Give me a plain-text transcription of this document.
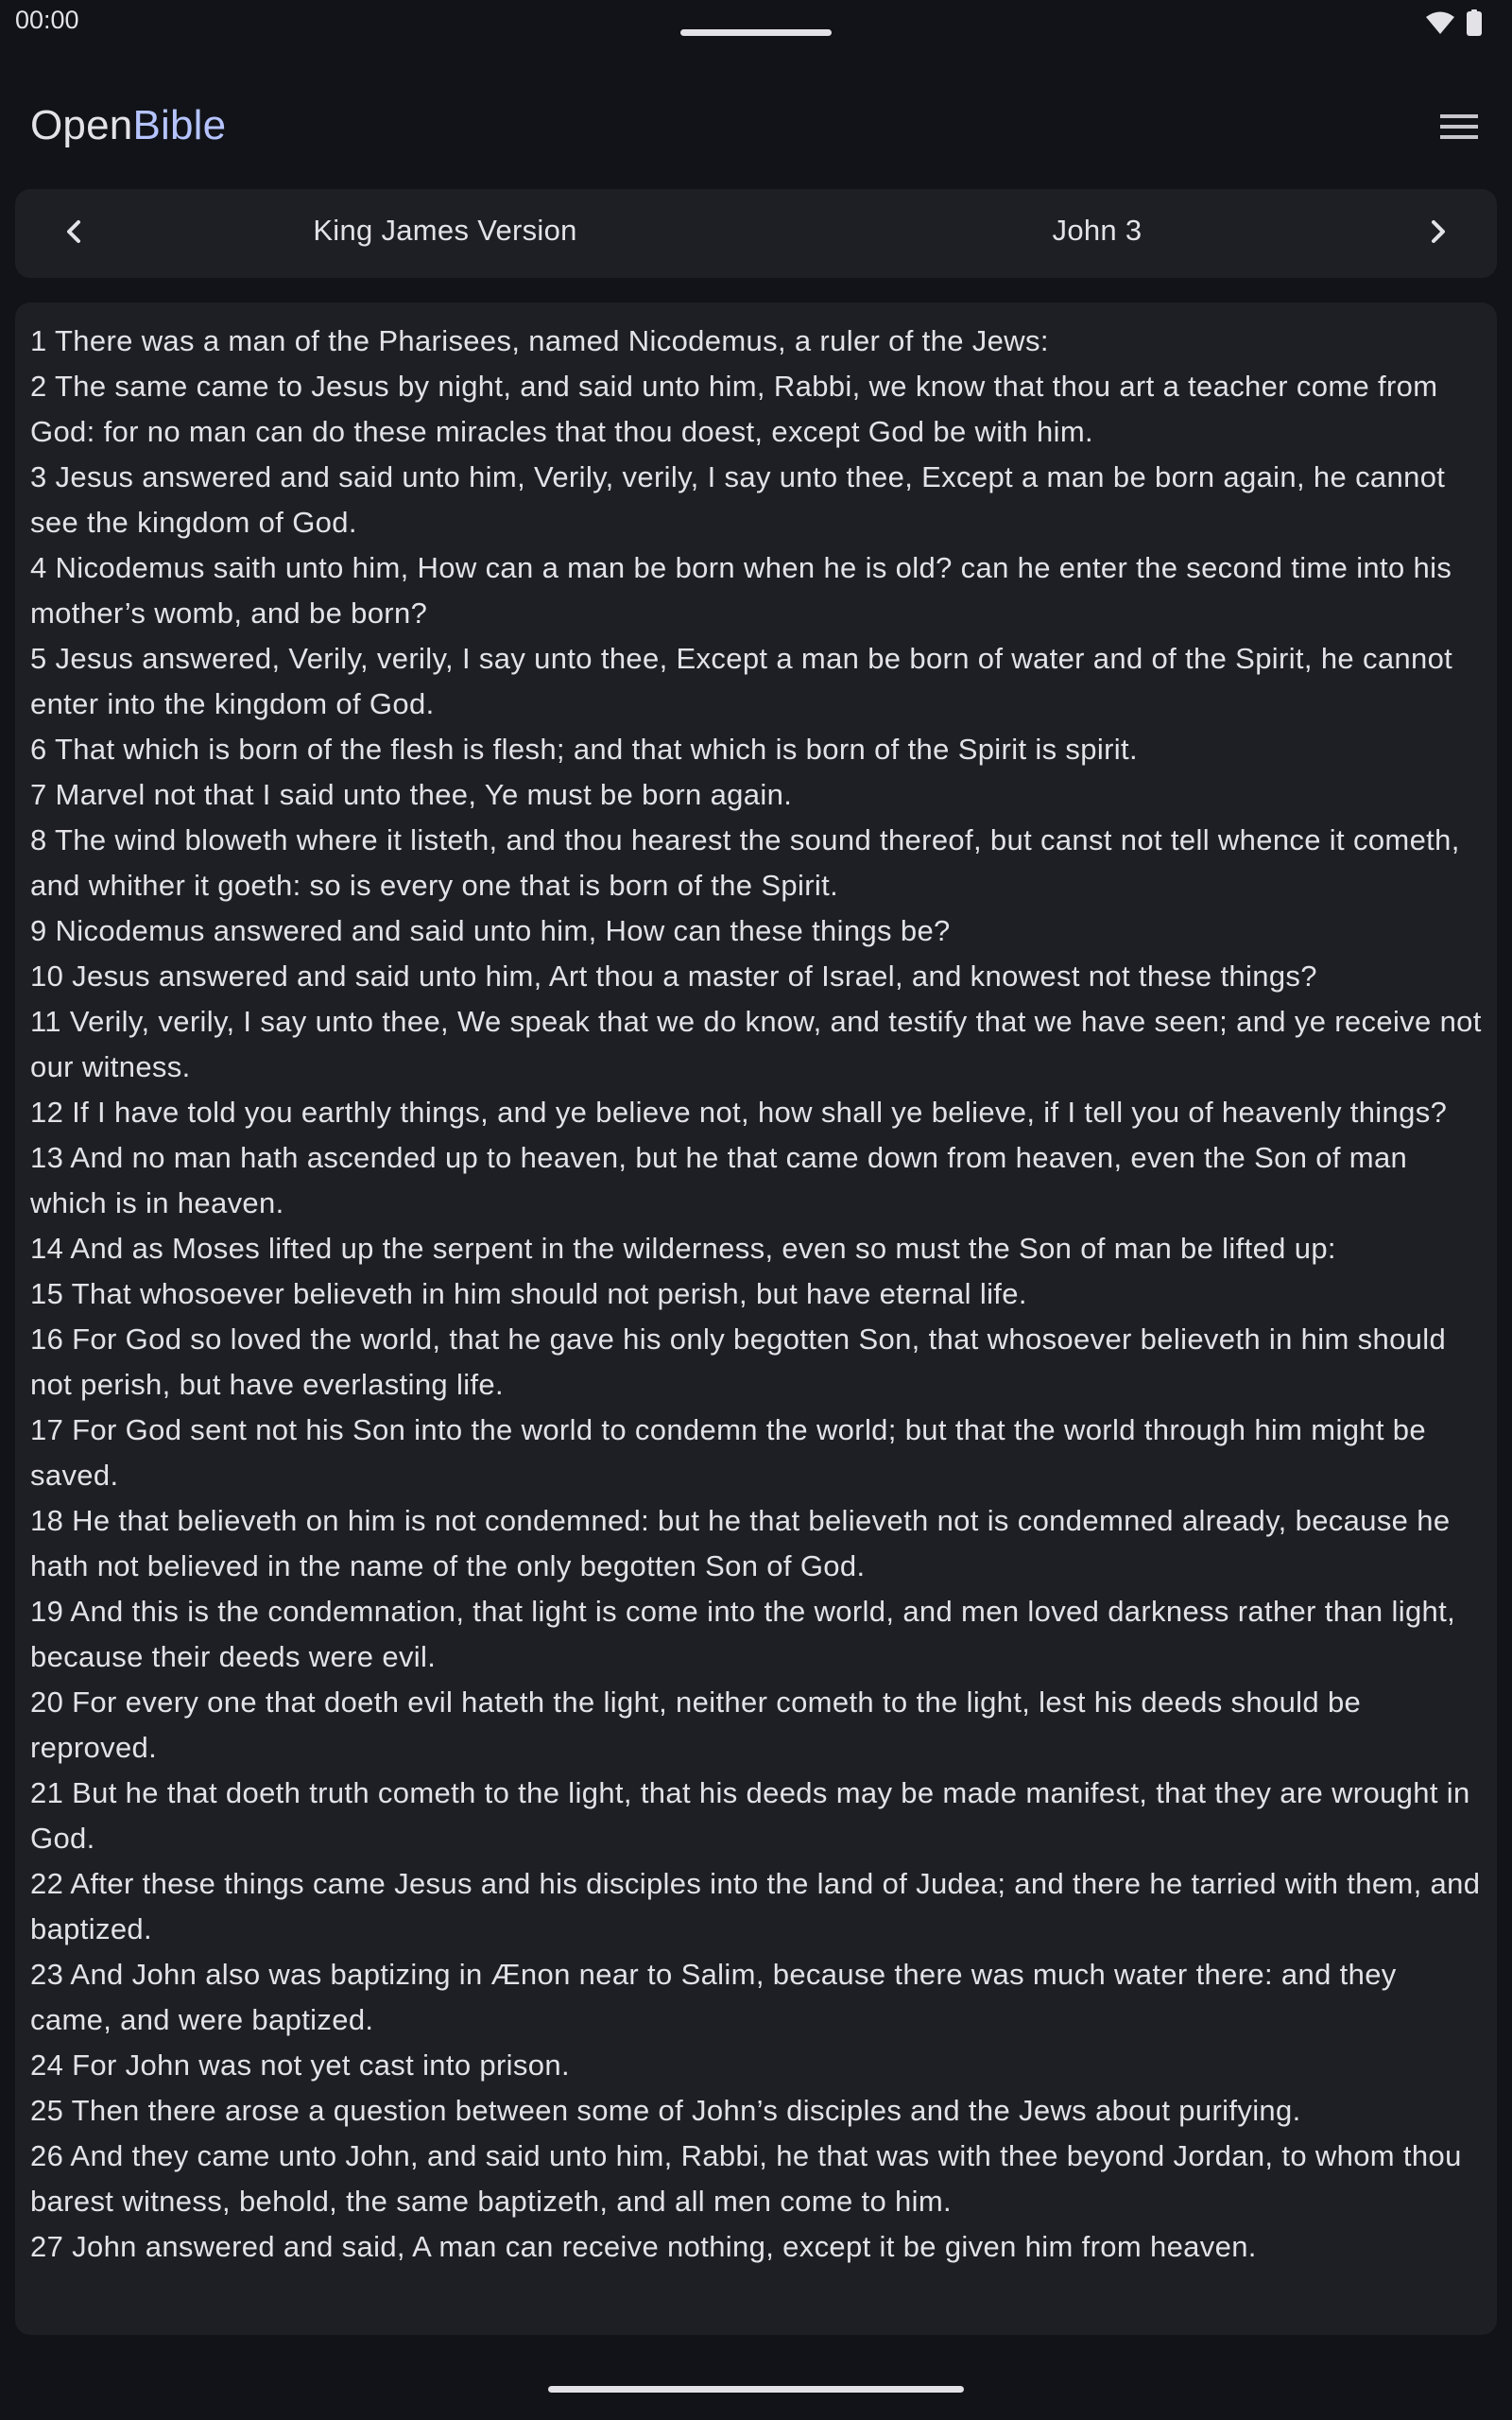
00:00
OpenBible
King James Version	John 3

1 There was a man of the Pharisees, named Nicodemus, a ruler of the Jews:

2 The same came to Jesus by night, and said unto him, Rabbi, we know that thou art a teacher come from God: for no man can do these miracles that thou doest, except God be with him.

3 Jesus answered and said unto him, Verily, verily, I say unto thee, Except a man be born again, he cannot see the kingdom of God.

4 Nicodemus saith unto him, How can a man be born when he is old? can he enter the second time into his mother’s womb, and be born?

5 Jesus answered, Verily, verily, I say unto thee, Except a man be born of water and of the Spirit, he cannot enter into the kingdom of God.

6 That which is born of the flesh is flesh; and that which is born of the Spirit is spirit.

7 Marvel not that I said unto thee, Ye must be born again.

8 The wind bloweth where it listeth, and thou hearest the sound thereof, but canst not tell whence it cometh, and whither it goeth: so is every one that is born of the Spirit.

9 Nicodemus answered and said unto him, How can these things be?

10 Jesus answered and said unto him, Art thou a master of Israel, and knowest not these things?

11 Verily, verily, I say unto thee, We speak that we do know, and testify that we have seen; and ye receive not our witness.

12 If I have told you earthly things, and ye believe not, how shall ye believe, if I tell you of heavenly things?

13 And no man hath ascended up to heaven, but he that came down from heaven, even the Son of man which is in heaven.

14 And as Moses lifted up the serpent in the wilderness, even so must the Son of man be lifted up:

15 That whosoever believeth in him should not perish, but have eternal life.

16 For God so loved the world, that he gave his only begotten Son, that whosoever believeth in him should not perish, but have everlasting life.

17 For God sent not his Son into the world to condemn the world; but that the world through him might be saved.

18 He that believeth on him is not condemned: but he that believeth not is condemned already, because he hath not believed in the name of the only begotten Son of God.

19 And this is the condemnation, that light is come into the world, and men loved darkness rather than light, because their deeds were evil.

20 For every one that doeth evil hateth the light, neither cometh to the light, lest his deeds should be reproved.

21 But he that doeth truth cometh to the light, that his deeds may be made manifest, that they are wrought in God.

22 After these things came Jesus and his disciples into the land of Judea; and there he tarried with them, and baptized.

23 And John also was baptizing in Ænon near to Salim, because there was much water there: and they came, and were baptized.

24 For John was not yet cast into prison.

25 Then there arose a question between some of John’s disciples and the Jews about purifying.

26 And they came unto John, and said unto him, Rabbi, he that was with thee beyond Jordan, to whom thou barest witness, behold, the same baptizeth, and all men come to him.

27 John answered and said, A man can receive nothing, except it be given him from heaven.
